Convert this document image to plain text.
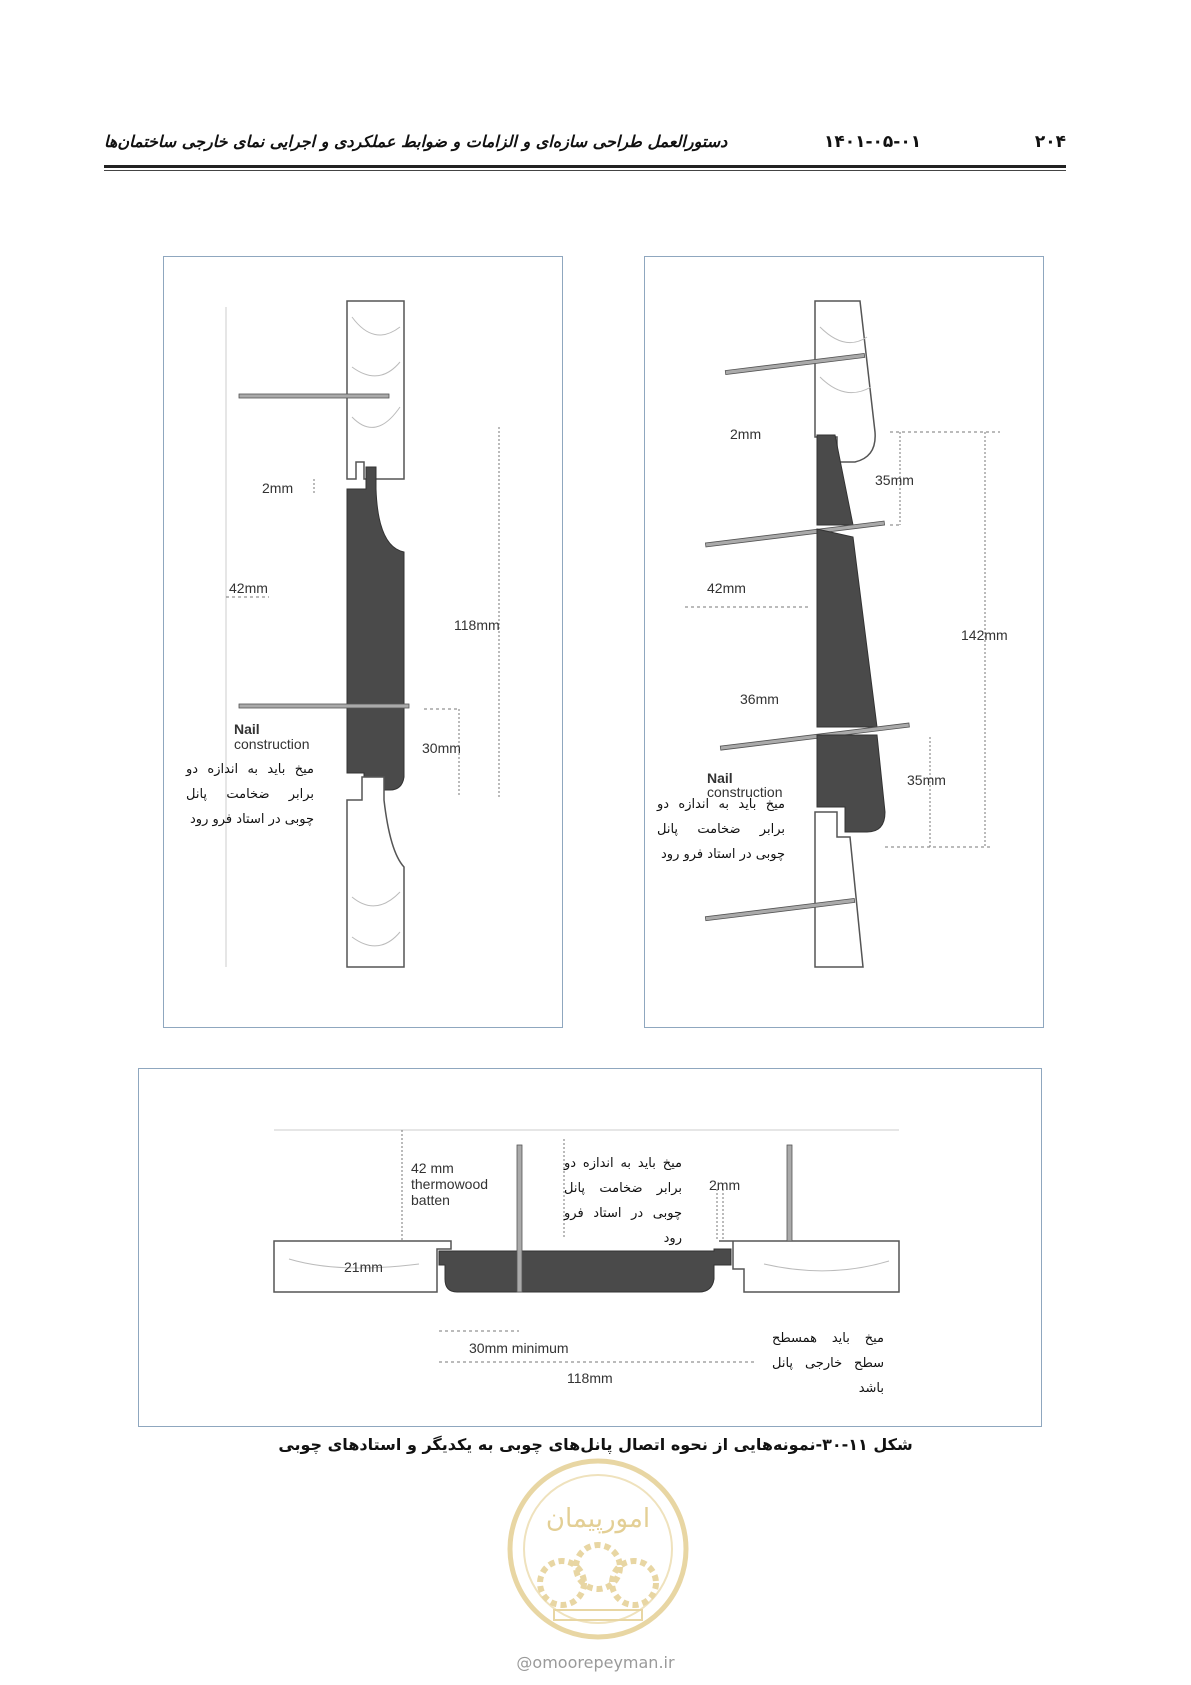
۲۰۴
۱۴۰۱-۰۵-۰۱
دستورالعمل طراحی سازه‌ای و الزامات و ضوابط عملکردی و اجرایی نمای خارجی ساختمان‌ها
2mm
42mm
118mm
30mm
Nail
construction
میخ باید به اندازه دو برابر ضخامت پانل چوبی در استاد فرو رود
2mm
35mm
42mm
142mm
36mm
35mm
Nail
construction
میخ باید به اندازه دو برابر ضخامت پانل چوبی در استاد فرو رود
42 mm
thermowood
batten
21mm
2mm
30mm minimum
118mm
میخ باید به اندازه دو برابر ضخامت پانل چوبی در استاد فرو رود
میخ باید همسطح سطح خارجی پانل باشد
شکل ۱۱-۳۰-نمونه‌هایی از نحوه اتصال پانل‌های چوبی به یکدیگر و استادهای چوبی
امورپیمان
@omoorepeyman.ir
